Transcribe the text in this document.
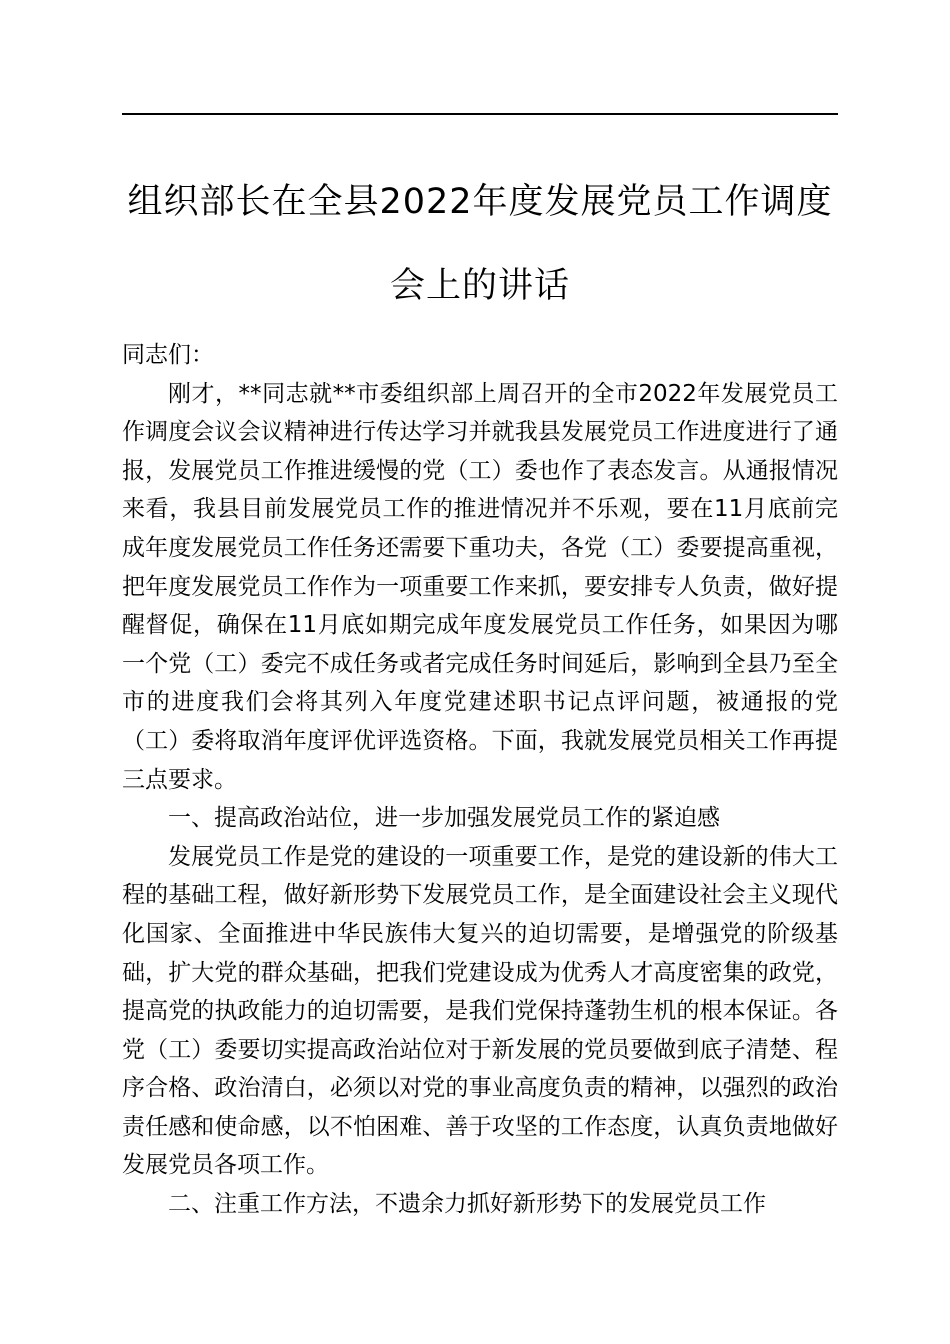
组织部长在全县2022年度发展党员工作调度
会上的讲话

同志们：

刚才，**同志就**市委组织部上周召开的全市2022年发展党员工作调度会议会议精神进行传达学习并就我县发展党员工作进度进行了通报，发展党员工作推进缓慢的党（工）委也作了表态发言。从通报情况来看，我县目前发展党员工作的推进情况并不乐观，要在11月底前完成年度发展党员工作任务还需要下重功夫，各党（工）委要提高重视，把年度发展党员工作作为一项重要工作来抓，要安排专人负责，做好提醒督促，确保在11月底如期完成年度发展党员工作任务，如果因为哪一个党（工）委完不成任务或者完成任务时间延后，影响到全县乃至全市的进度我们会将其列入年度党建述职书记点评问题，被通报的党（工）委将取消年度评优评选资格。下面，我就发展党员相关工作再提三点要求。

一、提高政治站位，进一步加强发展党员工作的紧迫感

发展党员工作是党的建设的一项重要工作，是党的建设新的伟大工程的基础工程，做好新形势下发展党员工作，是全面建设社会主义现代化国家、全面推进中华民族伟大复兴的迫切需要，是增强党的阶级基础，扩大党的群众基础，把我们党建设成为优秀人才高度密集的政党，提高党的执政能力的迫切需要，是我们党保持蓬勃生机的根本保证。各党（工）委要切实提高政治站位对于新发展的党员要做到底子清楚、程序合格、政治清白，必须以对党的事业高度负责的精神，以强烈的政治责任感和使命感，以不怕困难、善于攻坚的工作态度，认真负责地做好发展党员各项工作。

二、注重工作方法，不遗余力抓好新形势下的发展党员工作
